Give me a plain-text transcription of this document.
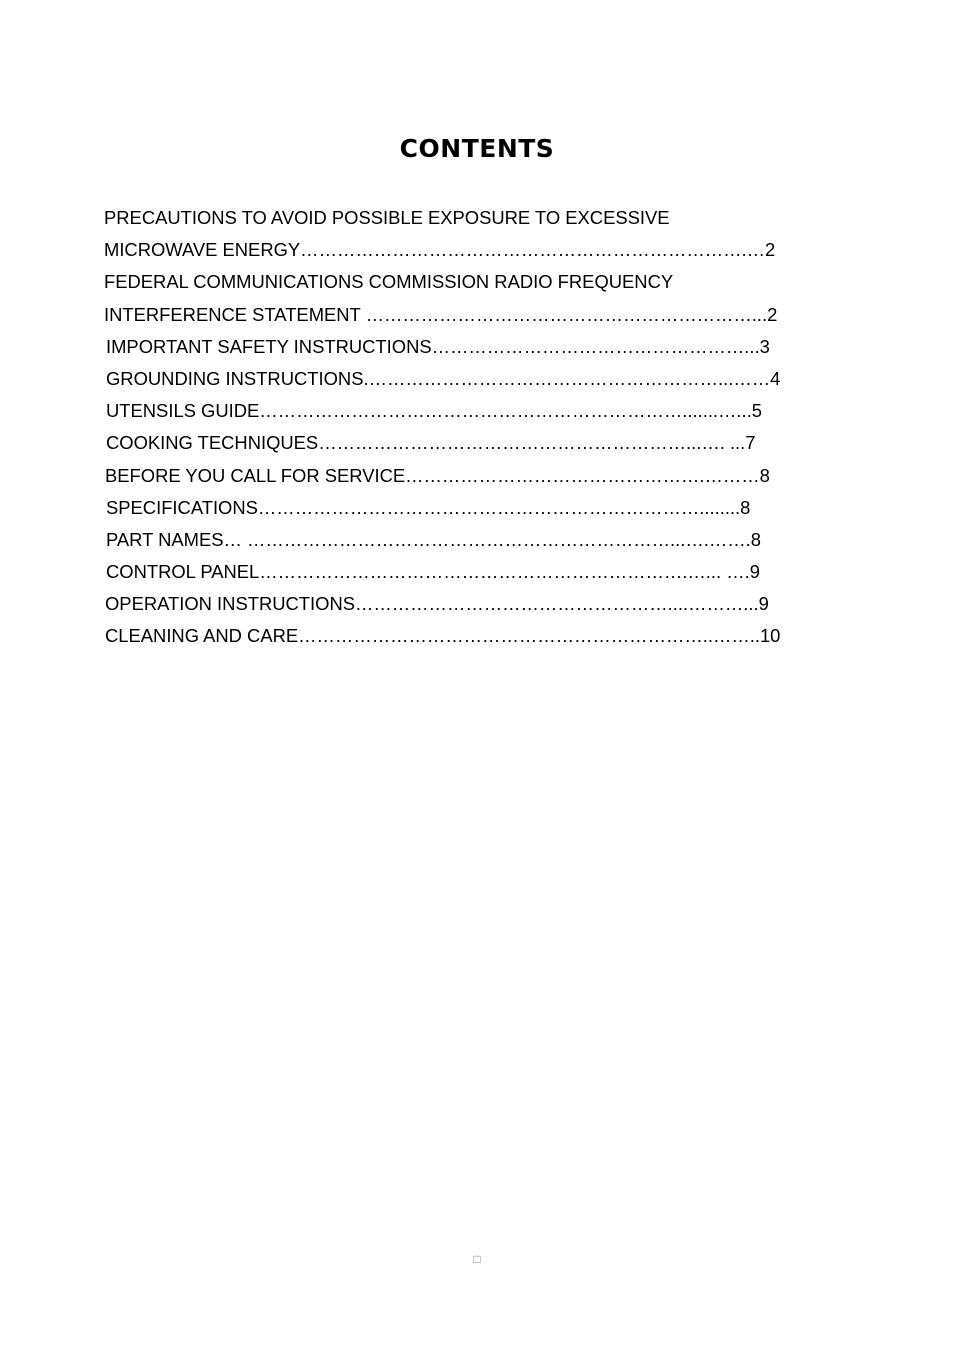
CONTENTS
PRECAUTIONS TO AVOID POSSIBLE EXPOSURE TO EXCESSIVE
MICROWAVE ENERGY……………………………………………………………….…2
FEDERAL COMMUNICATIONS COMMISSION RADIO FREQUENCY
INTERFERENCE STATEMENT ………………………………………………………...2
IMPORTANT SAFETY INSTRUCTIONS……………………………………………...3
GROUNDING INSTRUCTIONS.…………………………………………………...……4
UTENSILS GUIDE…………………………………………………………….......…...5
COOKING TECHNIQUES……………………………………………………...…. ...7
BEFORE YOU CALL FOR SERVICE………………………………………….………8
SPECIFICATIONS………………………………………………………………........8
PART NAMES… ……………………………………………………………...….…….8
CONTROL PANEL…………………………………………………………….…... ….9
OPERATION INSTRUCTIONS……………………………………………....………...9
CLEANING AND CARE…………………………………………………………..……..10
□
